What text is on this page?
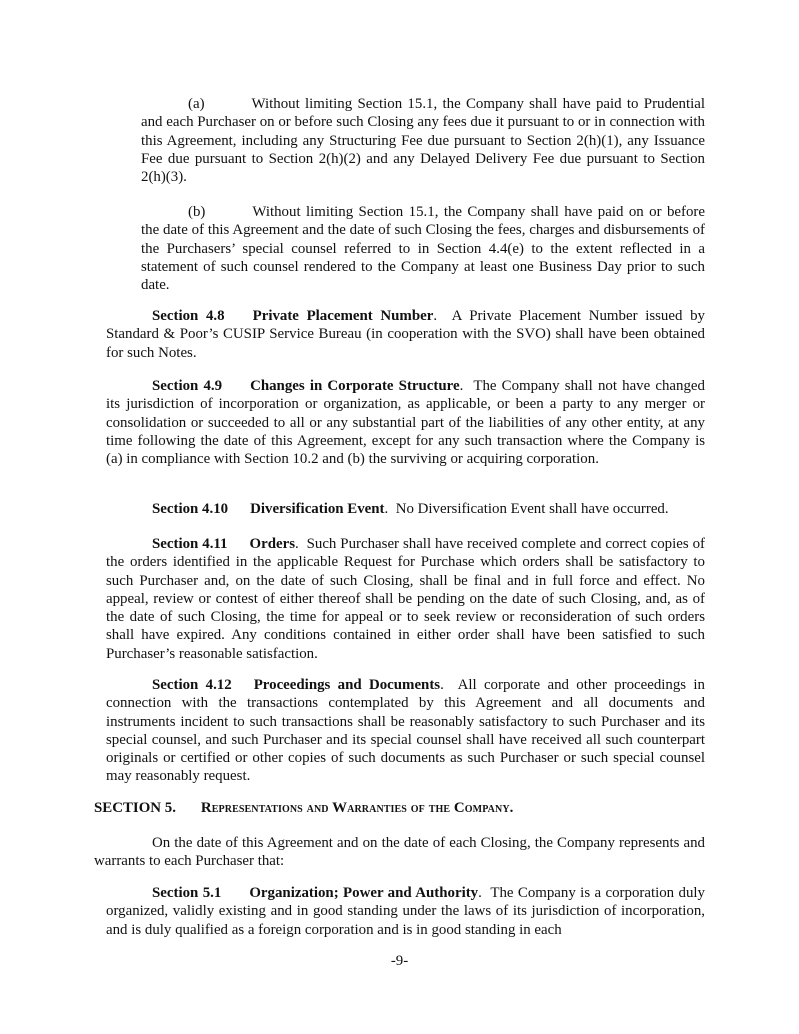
(a)	Without limiting Section 15.1, the Company shall have paid to Prudential and each Purchaser on or before such Closing any fees due it pursuant to or in connection with this Agreement, including any Structuring Fee due pursuant to Section 2(h)(1), any Issuance Fee due pursuant to Section 2(h)(2) and any Delayed Delivery Fee due pursuant to Section 2(h)(3).

(b)	Without limiting Section 15.1, the Company shall have paid on or before the date of this Agreement and the date of such Closing the fees, charges and disbursements of the Purchasers’ special counsel referred to in Section 4.4(e) to the extent reflected in a statement of such counsel rendered to the Company at least one Business Day prior to such date.

Section 4.8 Private Placement Number.  A Private Placement Number issued by Standard & Poor’s CUSIP Service Bureau (in cooperation with the SVO) shall have been obtained for such Notes.

Section 4.9 Changes in Corporate Structure.  The Company shall not have changed its jurisdiction of incorporation or organization, as applicable, or been a party to any merger or consolidation or succeeded to all or any substantial part of the liabilities of any other entity, at any time following the date of this Agreement, except for any such transaction where the Company is (a) in compliance with Section 10.2 and (b) the surviving or acquiring corporation.

Section 4.10 Diversification Event.  No Diversification Event shall have occurred.

Section 4.11 Orders.  Such Purchaser shall have received complete and correct copies of the orders identified in the applicable Request for Purchase which orders shall be satisfactory to such Purchaser and, on the date of such Closing, shall be final and in full force and effect. No appeal, review or contest of either thereof shall be pending on the date of such Closing, and, as of the date of such Closing, the time for appeal or to seek review or reconsideration of such orders shall have expired. Any conditions contained in either order shall have been satisfied to such Purchaser’s reasonable satisfaction.

Section 4.12 Proceedings and Documents.  All corporate and other proceedings in connection with the transactions contemplated by this Agreement and all documents and instruments incident to such transactions shall be reasonably satisfactory to such Purchaser and its special counsel, and such Purchaser and its special counsel shall have received all such counterpart originals or certified or other copies of such documents as such Purchaser or such special counsel may reasonably request.

SECTION 5. Representations and Warranties of the Company.

On the date of this Agreement and on the date of each Closing, the Company represents and warrants to each Purchaser that:

Section 5.1 Organization; Power and Authority.  The Company is a corporation duly organized, validly existing and in good standing under the laws of its jurisdiction of incorporation, and is duly qualified as a foreign corporation and is in good standing in each

-9-
